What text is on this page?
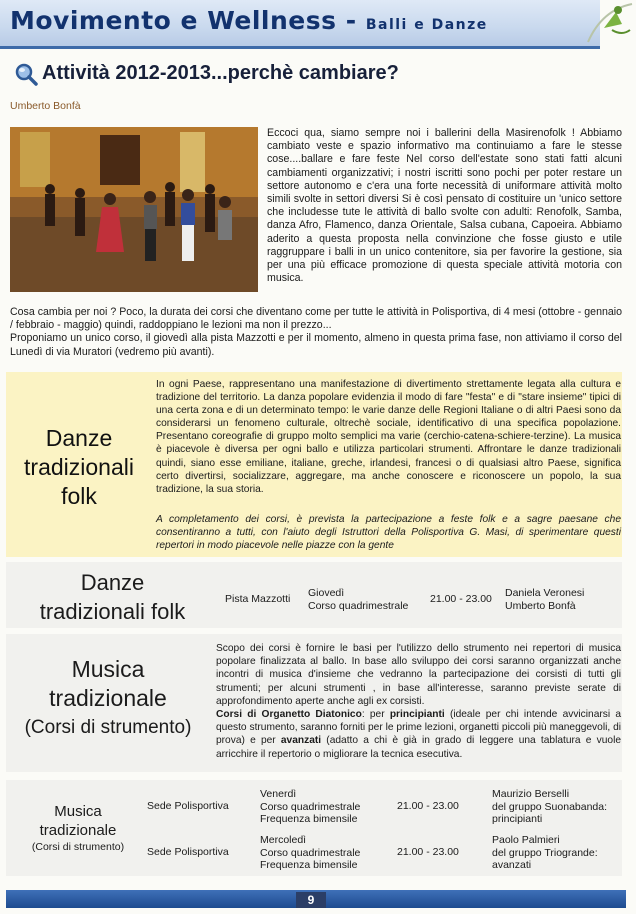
Movimento e Wellness - Balli e Danze
Attività 2012-2013...perchè cambiare?
Umberto Bonfà
Eccoci qua, siamo sempre noi i ballerini della Masirenofolk ! Abbiamo cambiato veste e spazio informativo ma continuiamo a fare le stesse cose....ballare e fare feste Nel corso dell'estate sono stati fatti alcuni cambiamenti organizzativi; i nostri iscritti sono pochi per poter restare un settore autonomo e c'era una forte necessità di uniformare attività molto simili svolte in settori diversi Si è così pensato di costituire un 'unico settore che includesse tute le attività di ballo svolte con adulti: Renofolk, Samba, danza Afro, Flamenco, danza Orientale, Salsa cubana, Capoeira. Abbiamo aderito a questa proposta nella convinzione che fosse giusto e utile raggruppare i balli in un unico contenitore, sia per favorire la gestione, sia per una più efficace promozione di questa speciale attività motoria con musica.
Cosa cambia per noi ? Poco, la durata dei corsi che diventano come per tutte le attività in Polisportiva, di 4 mesi (ottobre - gennaio / febbraio - maggio) quindi, raddoppiano le lezioni ma non il prezzo...
Proponiamo un unico corso, il giovedì alla pista Mazzotti e per il momento, almeno in questa prima fase, non attiviamo il corso del Lunedì di via Muratori (vedremo più avanti).
Danze
tradizionali
folk
In ogni Paese, rappresentano una manifestazione di divertimento strettamente legata alla cultura e tradizione del territorio. La danza popolare evidenzia il modo di fare "festa" e di "stare insieme" tipici di una certa zona e di un determinato tempo: le varie danze delle Regioni Italiane o di altri Paesi sono da considerarsi un fenomeno culturale, oltrechè sociale, identificativo di una specifica popolazione. Presentano coreografie di gruppo molto semplici ma varie (cerchio-catena-schiere-terzine). La musica è piacevole è diversa per ogni ballo e utilizza particolari strumenti. Affrontare le danze tradizionali quindi, siano esse emiliane, italiane, greche, irlandesi, francesi o di qualsiasi altro Paese, significa certo divertirsi, socializzare, aggregare, ma anche conoscere e riconoscere un popolo, la sua tradizione, la sua storia.
A completamento dei corsi, è prevista la partecipazione a feste folk e a sagre paesane che consentiranno a tutti, con l'aiuto degli Istruttori della Polisportiva G. Masi, di sperimentare questi repertori in modo piacevole nelle piazze con la gente
Danze
tradizionali folk	Pista Mazzotti Giovedì
Corso quadrimestrale
21.00 - 23.00 Daniela Veronesi
Umberto Bonfà
Musica
tradizionale
(Corsi di strumento)
Scopo dei corsi è fornire le basi per l'utilizzo dello strumento nei repertori di musica popolare finalizzata al ballo. In base allo sviluppo dei corsi saranno organizzati anche incontri di musica d'insieme che vedranno la partecipazione dei corsisti di tutti gli strumenti; per alcuni strumenti , in base all'interesse, saranno previste serate di approfondimento aperte anche agli ex corsisti.
Corsi di Organetto Diatonico: per principianti (ideale per chi intende avvicinarsi a questo strumento, saranno forniti per le prime lezioni, organetti piccoli più maneggevoli, di prova) e per avanzati (adatto a chi è già in grado di leggere una tablatura e vuole arricchire il repertorio o migliorare la tecnica esecutiva.
Musica
tradizionale
(Corsi di strumento)
Sede Polisportiva
Venerdì
Corso quadrimestrale
Frequenza bimensile
21.00 - 23.00
Maurizio Berselli
del gruppo Suonabanda:
principianti
Sede Polisportiva
Mercoledì
Corso quadrimestrale
Frequenza bimensile
21.00 - 23.00
Paolo Palmieri
del gruppo Triogrande:
avanzati
9
